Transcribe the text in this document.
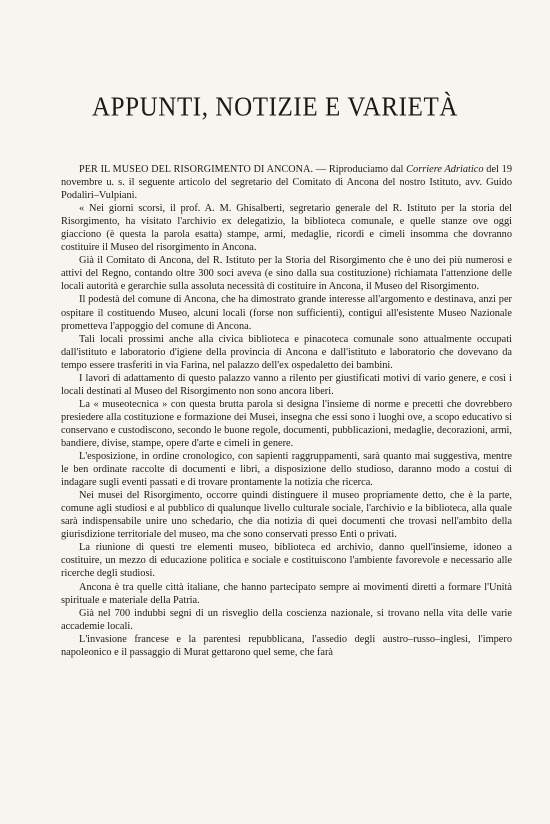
APPUNTI, NOTIZIE E VARIETÀ

PER IL MUSEO DEL RISORGIMENTO DI ANCONA. — Riproduciamo dal Corriere Adriatico del 19 novembre u. s. il seguente articolo del segretario del Comitato di Ancona del nostro Istituto, avv. Guido Podaliri–Vulpiani.

« Nei giorni scorsi, il prof. A. M. Ghisalberti, segretario generale del R. Istituto per la storia del Risorgimento, ha visitato l'archivio ex delegatizio, la biblioteca comunale, e quelle stanze ove oggi giacciono (è questa la parola esatta) stampe, armi, medaglie, ricordi e cimeli insomma che dovranno costituire il Museo del risorgimento in Ancona.

Già il Comitato di Ancona, del R. Istituto per la Storia del Risorgimento che è uno dei più numerosi e attivi del Regno, contando oltre 300 soci aveva (e sino dalla sua costituzione) richiamata l'attenzione delle locali autorità e gerarchie sulla assoluta necessità di costituire in Ancona, il Museo del Risorgimento.

Il podestà del comune di Ancona, che ha dimostrato grande interesse all'argomento e destinava, anzi per ospitare il costituendo Museo, alcuni locali (forse non sufficienti), contigui all'esistente Museo Nazionale prometteva l'appoggio del comune di Ancona.

Tali locali prossimi anche alla civica biblioteca e pinacoteca comunale sono attualmente occupati dall'istituto e laboratorio d'igiene della provincia di Ancona e dall'istituto e laboratorio che dovevano da tempo essere trasferiti in via Farina, nel palazzo dell'ex ospedaletto dei bambini.

I lavori di adattamento di questo palazzo vanno a rilento per giustificati motivi di vario genere, e così i locali destinati al Museo del Risorgimento non sono ancora liberi.

La « museotecnica » con questa brutta parola si designa l'insieme di norme e precetti che dovrebbero presiedere alla costituzione e formazione dei Musei, insegna che essi sono i luoghi ove, a scopo educativo si conservano e custodiscono, secondo le buone regole, documenti, pubblicazioni, medaglie, decorazioni, armi, bandiere, divise, stampe, opere d'arte e cimeli in genere.

L'esposizione, in ordine cronologico, con sapienti raggruppamenti, sarà quanto mai suggestiva, mentre le ben ordinate raccolte di documenti e libri, a disposizione dello studioso, daranno modo a costui di indagare sugli eventi passati e di trovare prontamente la notizia che ricerca.

Nei musei del Risorgimento, occorre quindi distinguere il museo propriamente detto, che è la parte, comune agli studiosi e al pubblico di qualunque livello culturale sociale, l'archivio e la biblioteca, alla quale sarà indispensabile unire uno schedario, che dia notizia di quei documenti che trovasi nell'ambito della giurisdizione territoriale del museo, ma che sono conservati presso Enti o privati.

La riunione di questi tre elementi museo, biblioteca ed archivio, danno quell'insieme, idoneo a costituire, un mezzo di educazione politica e sociale e costituiscono l'ambiente favorevole e necessario alle ricerche degli studiosi.

Ancona è tra quelle città italiane, che hanno partecipato sempre ai movimenti diretti a formare l'Unità spirituale e materiale della Patria.

Già nel 700 indubbi segni di un risveglio della coscienza nazionale, si trovano nella vita delle varie accademie locali.

L'invasione francese e la parentesi repubblicana, l'assedio degli austro–russo–inglesi, l'impero napoleonico e il passaggio di Murat gettarono quel seme, che farà
